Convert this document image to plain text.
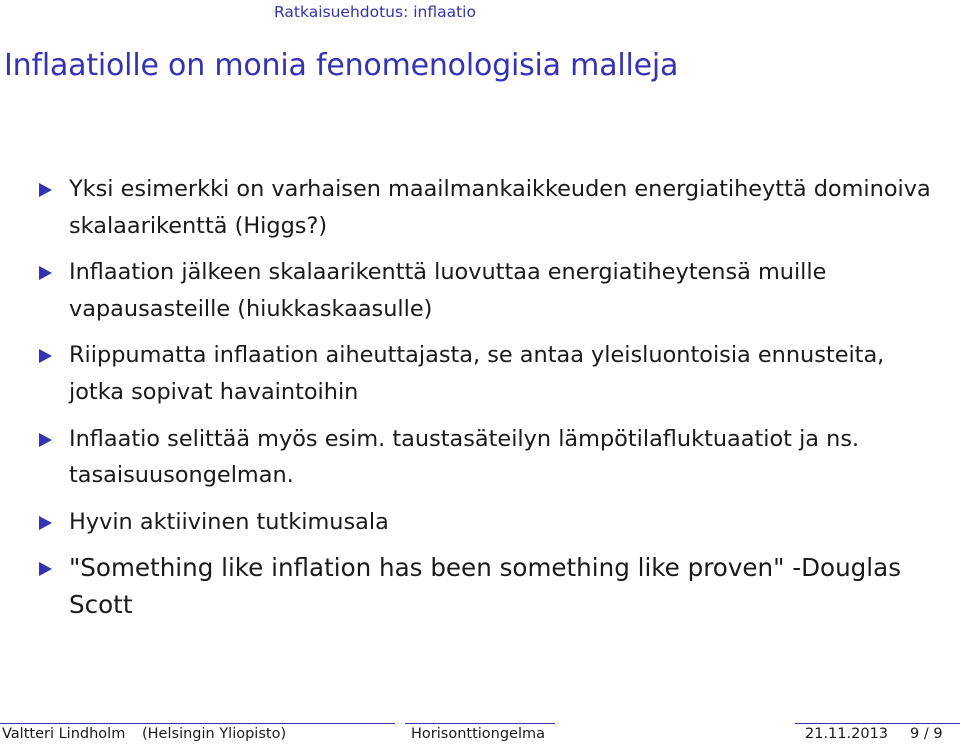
Ratkaisuehdotus: inflaatio
Inflaatiolle on monia fenomenologisia malleja
Yksi esimerkki on varhaisen maailmankaikkeuden energiatiheyttä dominoiva skalaarikenttä (Higgs?)
Inflaation jälkeen skalaarikenttä luovuttaa energiatiheytensä muille vapausasteille (hiukkaskaasulle)
Riippumatta inflaation aiheuttajasta, se antaa yleisluontoisia ennusteita, jotka sopivat havaintoihin
Inflaatio selittää myös esim. taustasäteilyn lämpötilafluktuaatiot ja ns. tasaisuusongelman.
Hyvin aktiivinen tutkimusala
"Something like inflation has been something like proven" -Douglas Scott
Valtteri Lindholm (Helsingin Yliopisto)	Horisonttiongelma	21.11.2013 9 / 9
